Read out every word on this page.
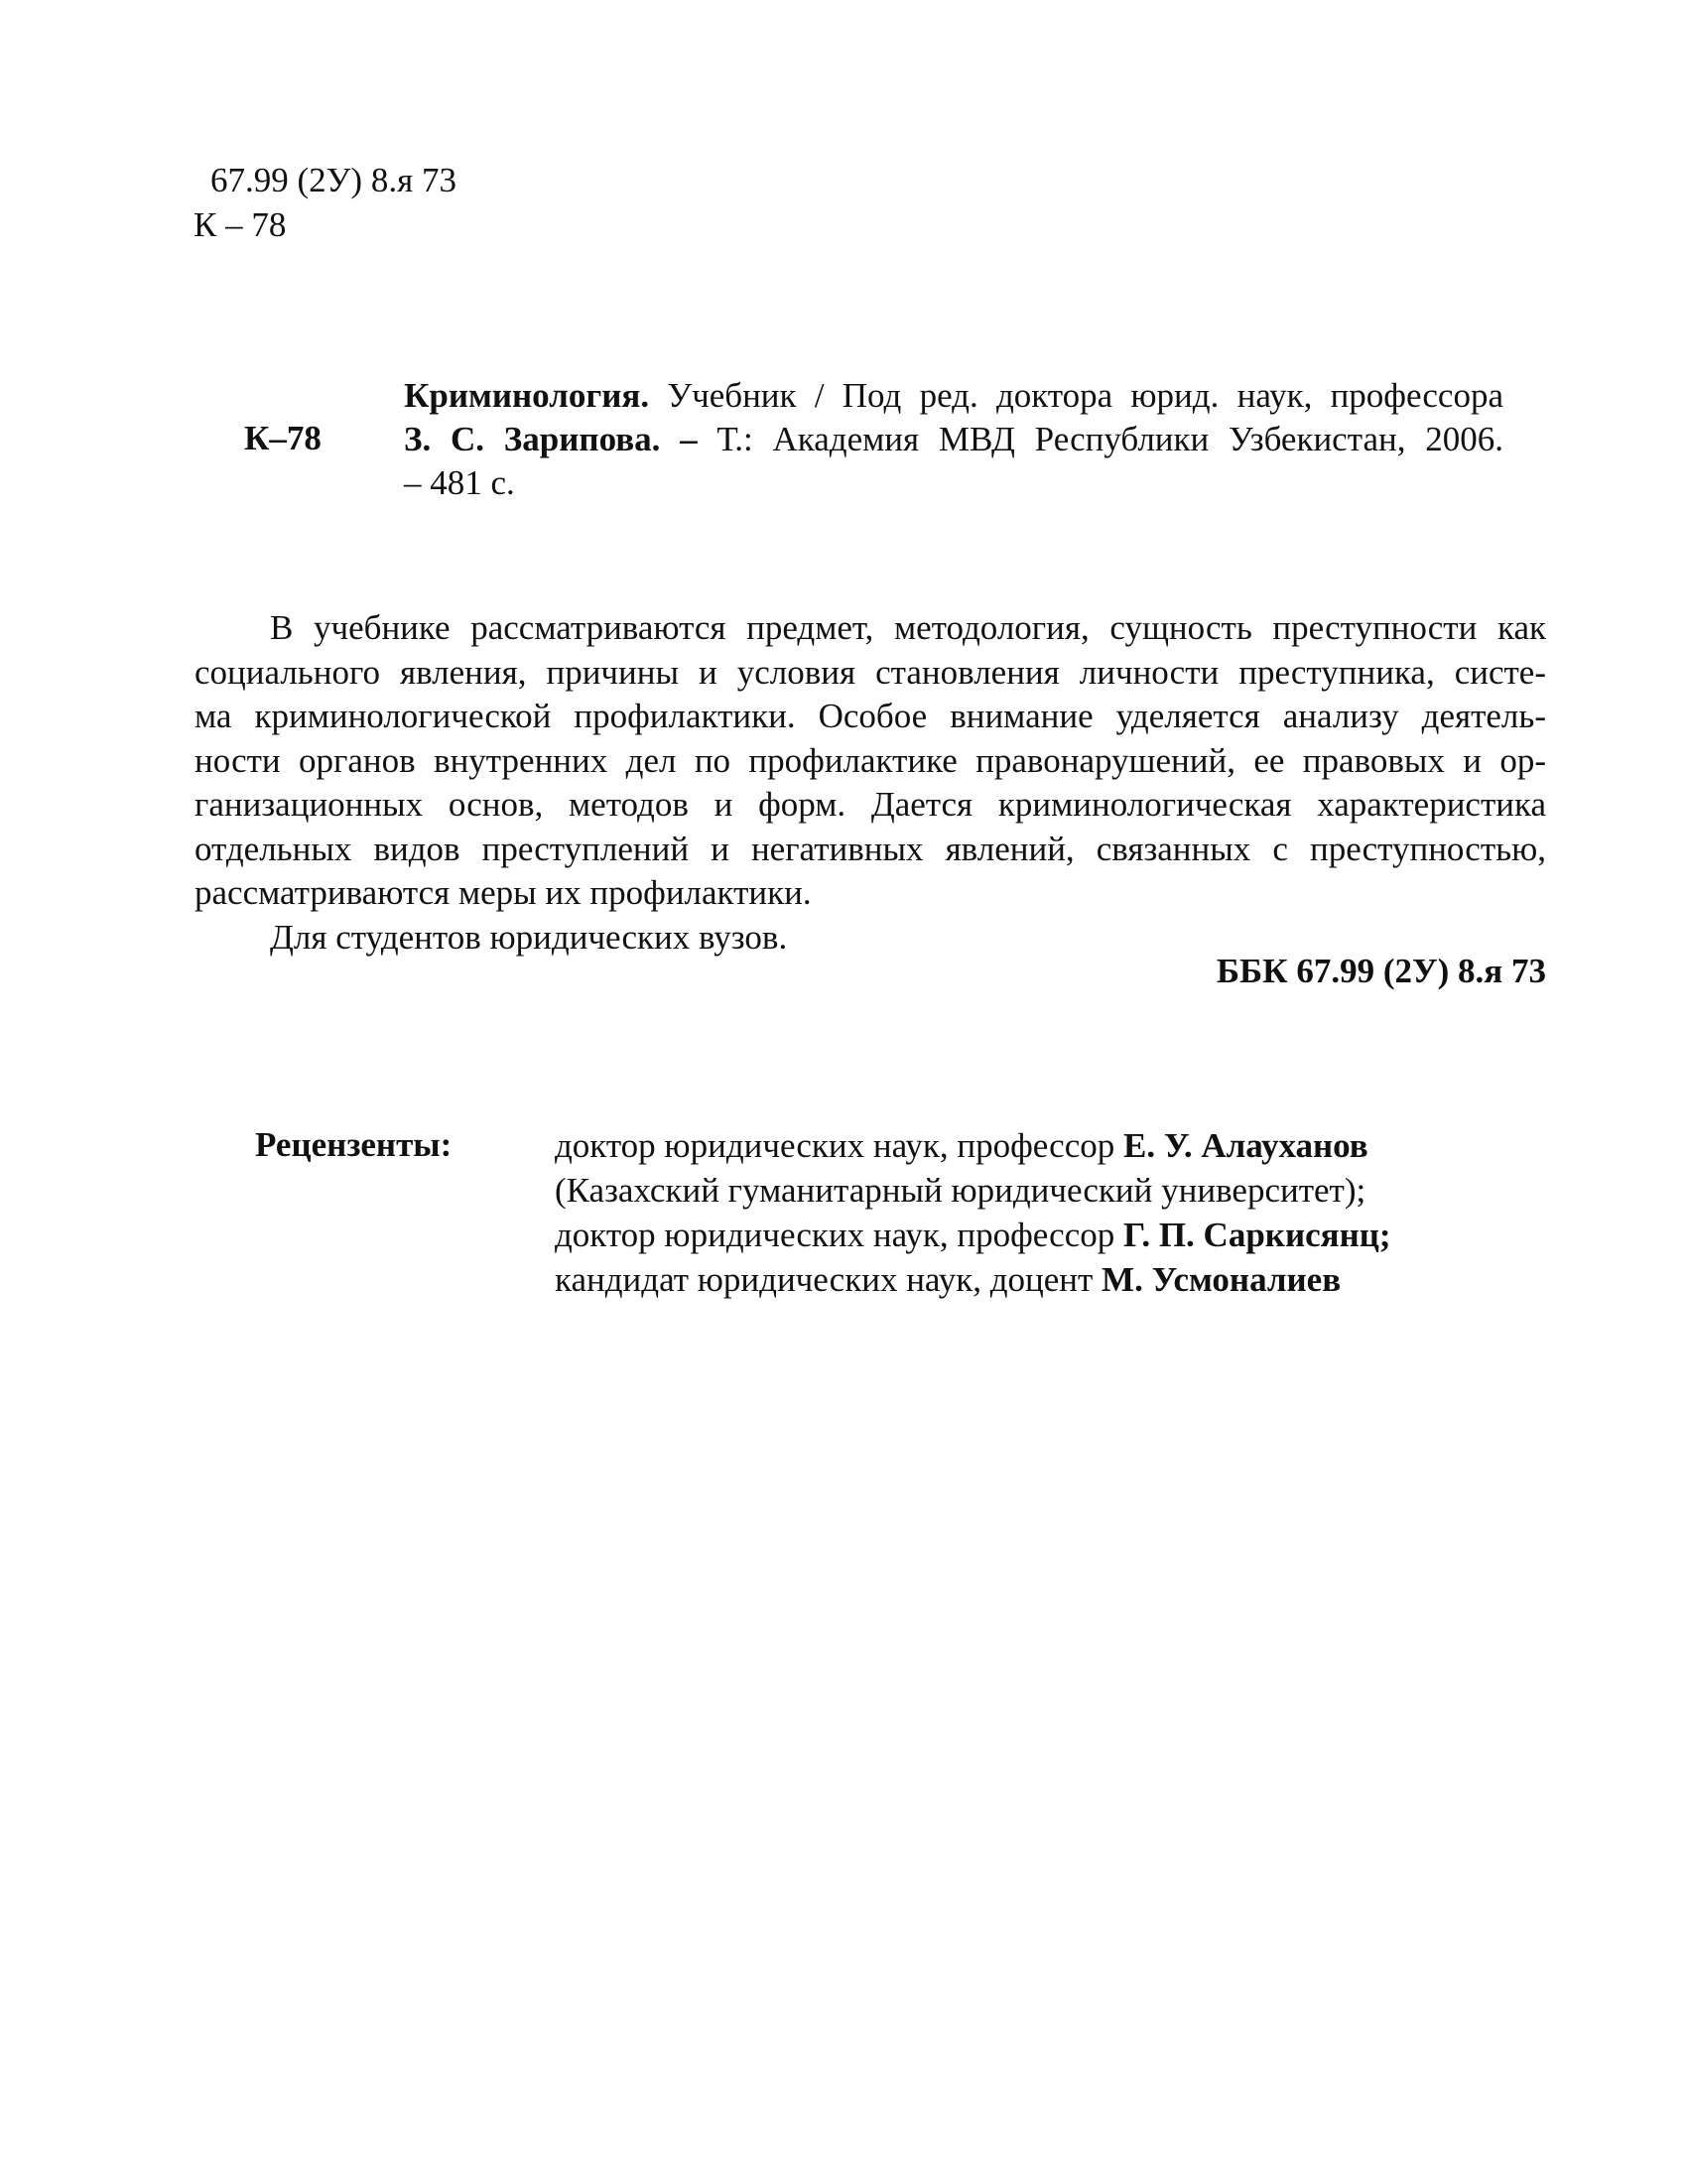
67.99 (2У) 8.я 73
К – 78
К–78
Криминология. Учебник / Под ред. доктора юрид. наук, профессора
З. С. Зарипова. – Т.: Академия МВД Республики Узбекистан, 2006.
– 481 с.
В учебнике рассматриваются предмет, методология, сущность преступности как
социального явления, причины и условия становления личности преступника, систе-
ма криминологической профилактики. Особое внимание уделяется анализу деятель-
ности органов внутренних дел по профилактике правонарушений, ее правовых и ор-
ганизационных основ, методов и форм. Дается криминологическая характеристика
отдельных видов преступлений и негативных явлений, связанных с преступностью,
рассматриваются меры их профилактики.
Для студентов юридических вузов.
ББК 67.99 (2У) 8.я 73
Рецензенты:	доктор юридических наук, профессор Е. У. Алауханов
(Казахский гуманитарный юридический университет);
доктор юридических наук, профессор Г. П. Саркисянц;
кандидат юридических наук, доцент М. Усмоналиев
